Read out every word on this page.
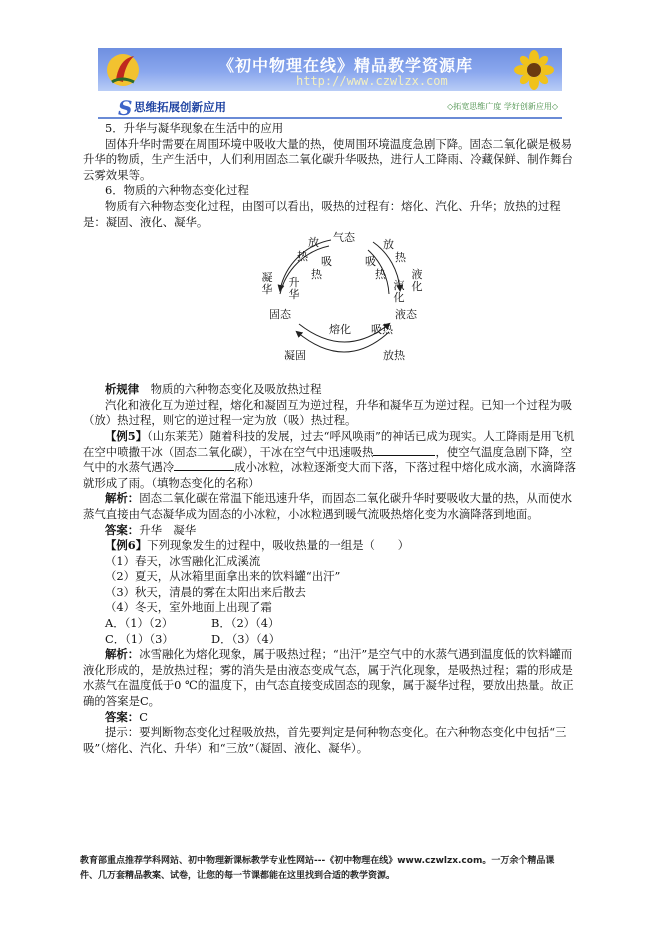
《初中物理在线》精品教学资源库
http://www.czwlzx.com
S 思维拓展创新应用	◇拓宽思维广度 学好创新应用◇

5．升华与凝华现象在生活中的应用

固体升华时需要在周围环境中吸收大量的热，使周围环境温度急剧下降。固态二氧化碳是极易升华的物质，生产生活中，人们利用固态二氧化碳升华吸热，进行人工降雨、冷藏保鲜、制作舞台云雾效果等。

6．物质的六种物态变化过程

物质有六种物态变化过程，由图可以看出，吸热的过程有：熔化、汽化、升华；放热的过程是：凝固、液化、凝华。

气态
固态	液态
放
热 吸
热
凝华
升华
放
热
吸
热 液化
汽化
熔化 吸热
凝固	放热

析规律　 物质的六种物态变化及吸放热过程

汽化和液化互为逆过程，熔化和凝固互为逆过程，升华和凝华互为逆过程。已知一个过程为吸（放）热过程，则它的逆过程一定为放（吸）热过程。

【例5】（山东莱芜）随着科技的发展，过去“呼风唤雨”的神话已成为现实。人工降雨是用飞机在空中喷撒干冰（固态二氧化碳），干冰在空气中迅速吸热	，使空气温度急剧下降，空气中的水蒸气遇冷	成小冰粒，冰粒逐渐变大而下落，下落过程中熔化成水滴，水滴降落就形成了雨。（填物态变化的名称）

解析：固态二氧化碳在常温下能迅速升华，而固态二氧化碳升华时要吸收大量的热，从而使水蒸气直接由气态凝华成为固态的小冰粒，小冰粒遇到暖气流吸热熔化变为水滴降落到地面。

答案：升华　凝华

【例6】下列现象发生的过程中，吸收热量的一组是（　　）

（1）春天，冰雪融化汇成溪流

（2）夏天，从冰箱里面拿出来的饮料罐“出汗”

（3）秋天，清晨的雾在太阳出来后散去

（4）冬天，室外地面上出现了霜

A．（1）（2）	B．（2）（4）

C．（1）（3）	D．（3）（4）

解析：冰雪融化为熔化现象，属于吸热过程；“出汗”是空气中的水蒸气遇到温度低的饮料罐而液化形成的，是放热过程；雾的消失是由液态变成气态，属于汽化现象，是吸热过程；霜的形成是水蒸气在温度低于0 ℃的温度下，由气态直接变成固态的现象，属于凝华过程，要放出热量。故正确的答案是C。

答案：C

提示：要判断物态变化过程吸放热，首先要判定是何种物态变化。在六种物态变化中包括“三吸”（熔化、汽化、升华）和“三放”（凝固、液化、凝华）。

教育部重点推荐学科网站、初中物理新课标教学专业性网站---《初中物理在线》www.czwlzx.com。一万余个精品课
件、几万套精品教案、试卷，让您的每一节课都能在这里找到合适的教学资源。
